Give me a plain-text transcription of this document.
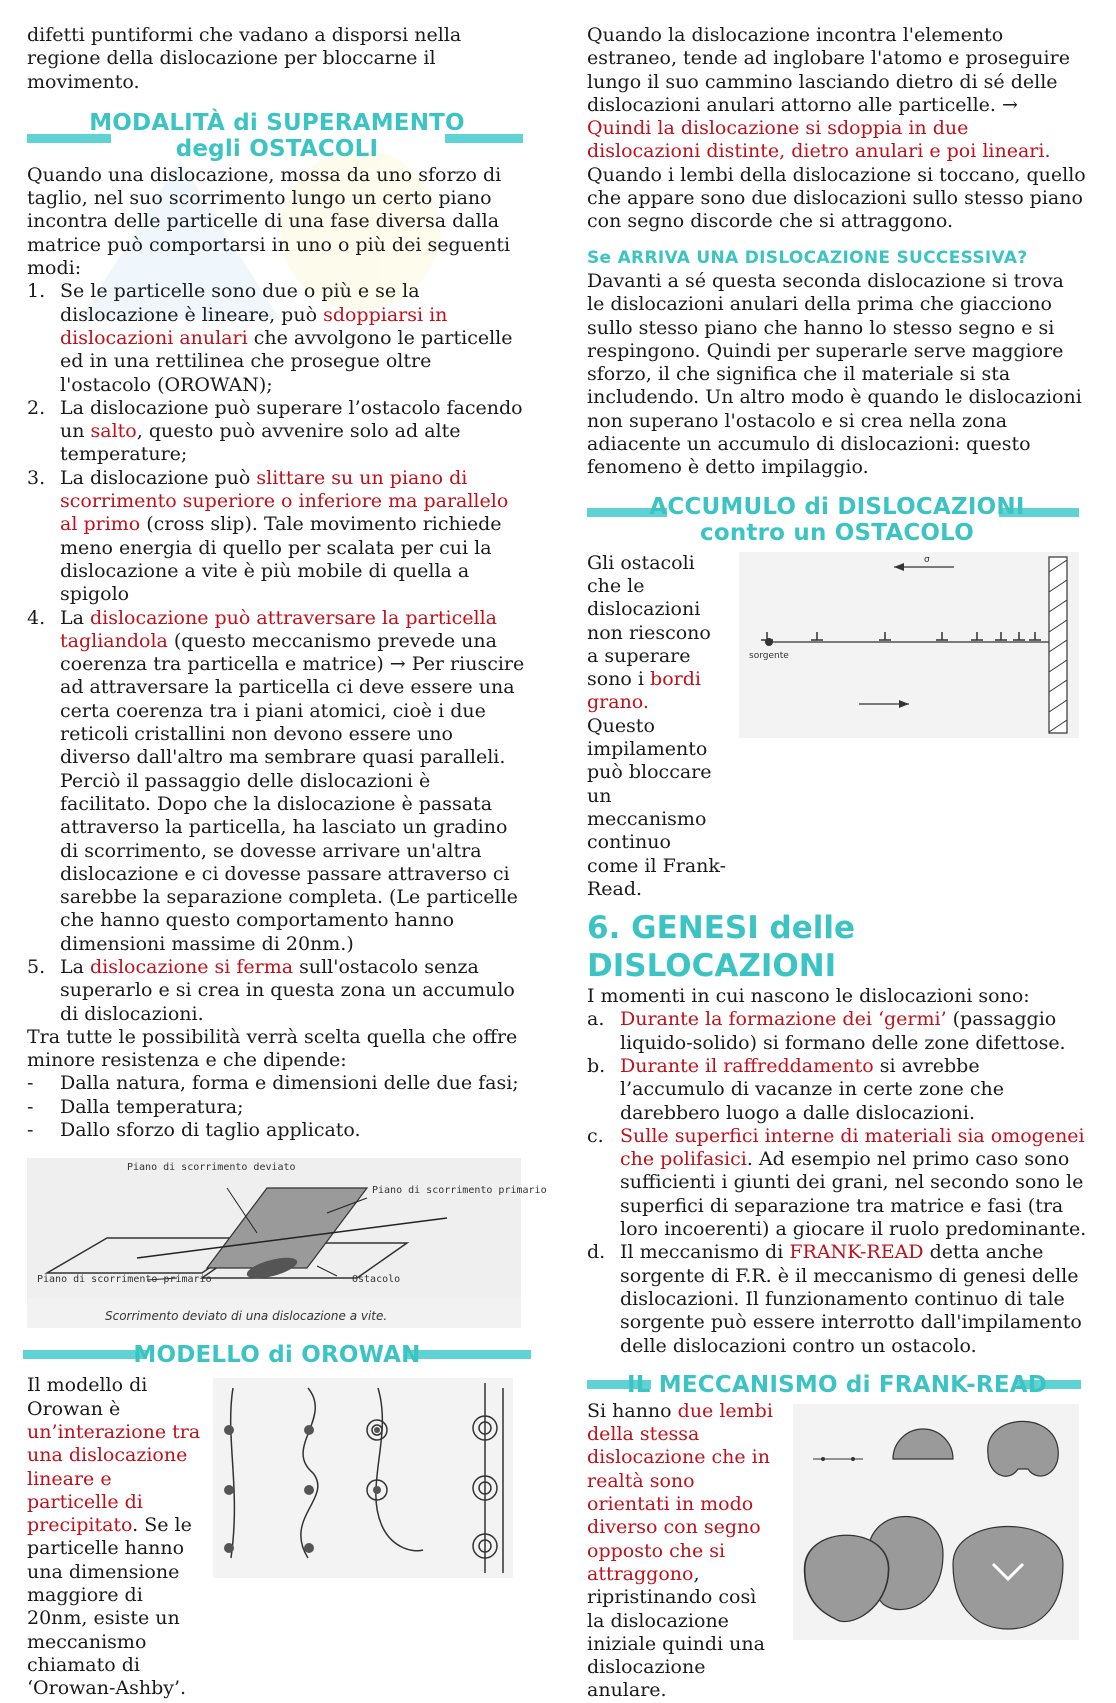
difetti puntiformi che vadano a disporsi nella regione della dislocazione per bloccarne il movimento.

MODALITÀ di SUPERAMENTO
degli OSTACOLI

Quando una dislocazione, mossa da uno sforzo di taglio, nel suo scorrimento lungo un certo piano incontra delle particelle di una fase diversa dalla matrice può comportarsi in uno o più dei seguenti modi:

1. Se le particelle sono due o più e se la dislocazione è lineare, può sdoppiarsi in dislocazioni anulari che avvolgono le particelle ed in una rettilinea che prosegue oltre l'ostacolo (OROWAN);
2. La dislocazione può superare l’ostacolo facendo un salto, questo può avvenire solo ad alte temperature;
3. La dislocazione può slittare su un piano di scorrimento superiore o inferiore ma parallelo al primo (cross slip). Tale movimento richiede meno energia di quello per scalata per cui la dislocazione a vite è più mobile di quella a spigolo
4. La dislocazione può attraversare la particella tagliandola (questo meccanismo prevede una coerenza tra particella e matrice) → Per riuscire ad attraversare la particella ci deve essere una certa coerenza tra i piani atomici, cioè i due reticoli cristallini non devono essere uno diverso dall'altro ma sembrare quasi paralleli. Perciò il passaggio delle dislocazioni è facilitato. Dopo che la dislocazione è passata attraverso la particella, ha lasciato un gradino di scorrimento, se dovesse arrivare un'altra dislocazione e ci dovesse passare attraverso ci sarebbe la separazione completa. (Le particelle che hanno questo comportamento hanno dimensioni massime di 20nm.)
5. La dislocazione si ferma sull'ostacolo senza superarlo e si crea in questa zona un accumulo di dislocazioni.

Tra tutte le possibilità verrà scelta quella che offre minore resistenza e che dipende:

- Dalla natura, forma e dimensioni delle due fasi;
- Dalla temperatura;
- Dallo sforzo di taglio applicato.
Piano di scorrimento deviato
Piano di scorrimento primario
Piano di scorrimento primario	Ostacolo
Scorrimento deviato di una dislocazione a vite.
MODELLO di OROWAN

Il modello di Orowan è un’interazione tra una dislocazione lineare e particelle di precipitato. Se le particelle hanno una dimensione maggiore di 20nm, esiste un meccanismo chiamato di ‘Orowan-Ashby’.

Quando la dislocazione incontra l'elemento estraneo, tende ad inglobare l'atomo e proseguire lungo il suo cammino lasciando dietro di sé delle dislocazioni anulari attorno alle particelle. → Quindi la dislocazione si sdoppia in due dislocazioni distinte, dietro anulari e poi lineari.

Quando i lembi della dislocazione si toccano, quello che appare sono due dislocazioni sullo stesso piano con segno discorde che si attraggono.

Se ARRIVA UNA DISLOCAZIONE SUCCESSIVA? Davanti a sé questa seconda dislocazione si trova le dislocazioni anulari della prima che giacciono sullo stesso piano che hanno lo stesso segno e si respingono. Quindi per superarle serve maggiore sforzo, il che significa che il materiale si sta includendo. Un altro modo è quando le dislocazioni non superano l'ostacolo e si crea nella zona adiacente un accumulo di dislocazioni: questo fenomeno è detto impilaggio.

ACCUMULO di DISLOCAZIONI
contro un OSTACOLO
σ
sorgente

Gli ostacoli che le dislocazioni non riescono a superare sono i bordi grano.

Questo impilamento può bloccare un meccanismo continuo come il Frank-Read.

6. GENESI delle DISLOCAZIONI

I momenti in cui nascono le dislocazioni sono:

a. Durante la formazione dei ‘germi’ (passaggio liquido-solido) si formano delle zone difettose.
b. Durante il raffreddamento si avrebbe l’accumulo di vacanze in certe zone che darebbero luogo a dalle dislocazioni.
c. Sulle superfici interne di materiali sia omogenei che polifasici. Ad esempio nel primo caso sono sufficienti i giunti dei grani, nel secondo sono le superfici di separazione tra matrice e fasi (tra loro incoerenti) a giocare il ruolo predominante.
d. Il meccanismo di FRANK-READ detta anche sorgente di F.R. è il meccanismo di genesi delle dislocazioni. Il funzionamento continuo di tale sorgente può essere interrotto dall'impilamento delle dislocazioni contro un ostacolo.
IL MECCANISMO di FRANK-READ

Si hanno due lembi della stessa dislocazione che in realtà sono orientati in modo diverso con segno opposto che si attraggono, ripristinando così la dislocazione iniziale quindi una dislocazione anulare.
